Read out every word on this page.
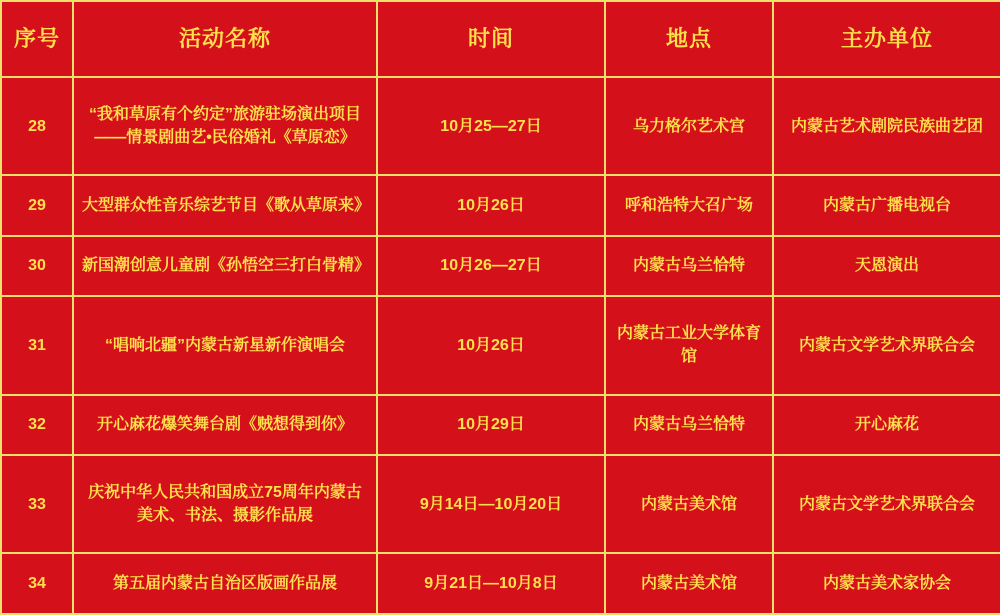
序号	活动名称	时间	地点	主办单位
28	“我和草原有个约定”旅游驻场演出项目 ——情景剧曲艺•民俗婚礼《草原恋》	10月25—27日	乌力格尔艺术宫	内蒙古艺术剧院民族曲艺团
29	大型群众性音乐综艺节目《歌从草原来》	10月26日	呼和浩特大召广场	内蒙古广播电视台
30	新国潮创意儿童剧《孙悟空三打白骨精》	10月26—27日	内蒙古乌兰恰特	天恩演出
31	“唱响北疆”内蒙古新星新作演唱会	10月26日	内蒙古工业大学体育馆	内蒙古文学艺术界联合会
32	开心麻花爆笑舞台剧《贼想得到你》	10月29日	内蒙古乌兰恰特	开心麻花
33	庆祝中华人民共和国成立75周年内蒙古美术、书法、摄影作品展	9月14日—10月20日	内蒙古美术馆	内蒙古文学艺术界联合会
34	第五届内蒙古自治区版画作品展	9月21日—10月8日	内蒙古美术馆	内蒙古美术家协会
